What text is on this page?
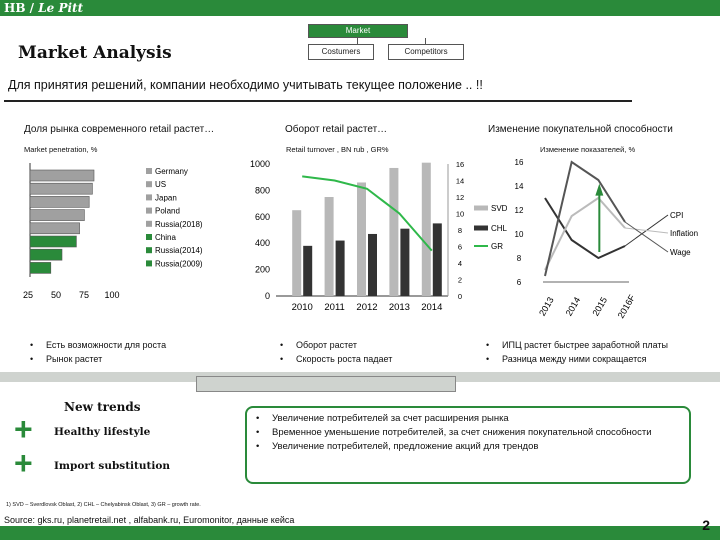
HB / Le Pitt
Market
Costumers	Competitors
Market Analysis
Для принятия решений, компании необходимо учитывать текущее положение .. !!
Доля рынка современного retail растет…
Market penetration, %
Germany
US
Japan
Poland
Russia(2018)
China
Russia(2014)
Russia(2009)
25 50 75 100
• Есть возможности для роста
• Рынок растет
Оборот retail растет…
Retail turnover , BN rub , GR%
0
200
400
600
800
1000
0
2
4
6
8
10
12
14
16
2010 2011 2012 2013 2014
SVD
CHL
GR
• Оборот растет
• Скорость роста падает
Изменение покупательной способности
Изменение показателей, %
6
8
10
12
14
16
2013 2014 2015 2016F
CPI
Inflation
Wage
• ИПЦ растет быстрее заработной платы
• Разница между ними сокращается
New trends
+ Healthy lifestyle
+ Import substitution
• Увеличение потребителей за счет расширения рынка
• Временное уменьшение потребителей, за счет снижения покупательной способности
• Увеличение потребителей, предложение акций для трендов
1) SVD – Sverdlovsk Oblast, 2) CHL – Chelyabinsk Oblast, 3) GR – growth rate.
Source: gks.ru, planetretail.net , alfabank.ru, Euromonitor, данные кейса	2
